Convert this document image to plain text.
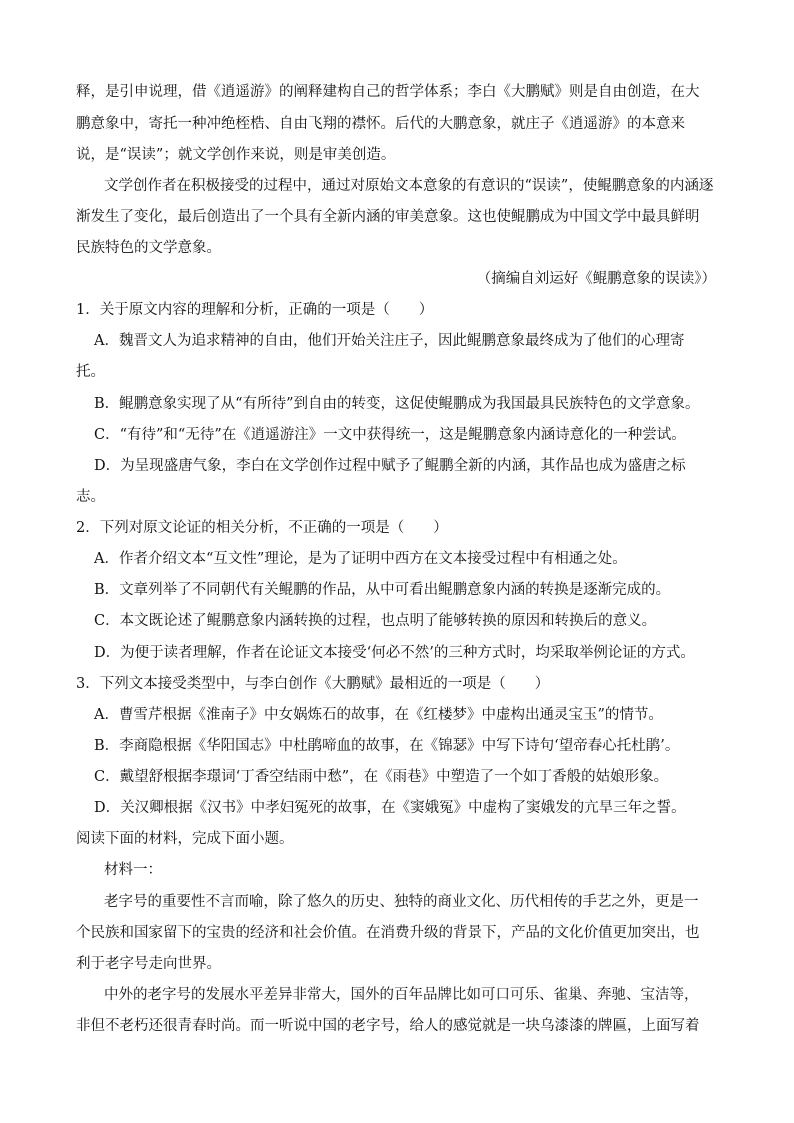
释，是引申说理，借《逍遥游》的阐释建构自己的哲学体系；李白《大鹏赋》则是自由创造，在大
鹏意象中，寄托一种冲绝桎梏、自由飞翔的襟怀。后代的大鹏意象，就庄子《逍遥游》的本意来
说，是“误读”；就文学创作来说，则是审美创造。
文学创作者在积极接受的过程中，通过对原始文本意象的有意识的“误读”，使鲲鹏意象的内涵逐
渐发生了变化，最后创造出了一个具有全新内涵的审美意象。这也使鲲鹏成为中国文学中最具鲜明
民族特色的文学意象。
（摘编自刘运好《鲲鹏意象的误读》）
1．关于原文内容的理解和分析，正确的一项是（　　）
A．魏晋文人为追求精神的自由，他们开始关注庄子，因此鲲鹏意象最终成为了他们的心理寄
托。
B．鲲鹏意象实现了从“有所待”到自由的转变，这促使鲲鹏成为我国最具民族特色的文学意象。
C．“有待”和“无待”在《逍遥游注》一文中获得统一，这是鲲鹏意象内涵诗意化的一种尝试。
D．为呈现盛唐气象，李白在文学创作过程中赋予了鲲鹏全新的内涵，其作品也成为盛唐之标
志。
2．下列对原文论证的相关分析，不正确的一项是（　　）
A．作者介绍文本“互文性”理论，是为了证明中西方在文本接受过程中有相通之处。
B．文章列举了不同朝代有关鲲鹏的作品，从中可看出鲲鹏意象内涵的转换是逐渐完成的。
C．本文既论述了鲲鹏意象内涵转换的过程，也点明了能够转换的原因和转换后的意义。
D．为便于读者理解，作者在论证文本接受‘何必不然’的三种方式时，均采取举例论证的方式。
3．下列文本接受类型中，与李白创作《大鹏赋》最相近的一项是（　　）
A．曹雪芹根据《淮南子》中女娲炼石的故事，在《红楼梦》中虚构出通灵宝玉”的情节。
B．李商隐根据《华阳国志》中杜鹃啼血的故事，在《锦瑟》中写下诗句‘望帝春心托杜鹃’。
C．戴望舒根据李璟词‘丁香空结雨中愁”，在《雨巷》中塑造了一个如丁香般的姑娘形象。
D．关汉卿根据《汉书》中孝妇冤死的故事，在《窦娥冤》中虚构了窦娥发的亢旱三年之誓。
阅读下面的材料，完成下面小题。
材料一：
老字号的重要性不言而喻，除了悠久的历史、独特的商业文化、历代相传的手艺之外，更是一
个民族和国家留下的宝贵的经济和社会价值。在消费升级的背景下，产品的文化价值更加突出，也
利于老字号走向世界。
中外的老字号的发展水平差异非常大，国外的百年品牌比如可口可乐、雀巢、奔驰、宝洁等，
非但不老朽还很青春时尚。而一听说中国的老字号，给人的感觉就是一块乌漆漆的牌匾，上面写着
